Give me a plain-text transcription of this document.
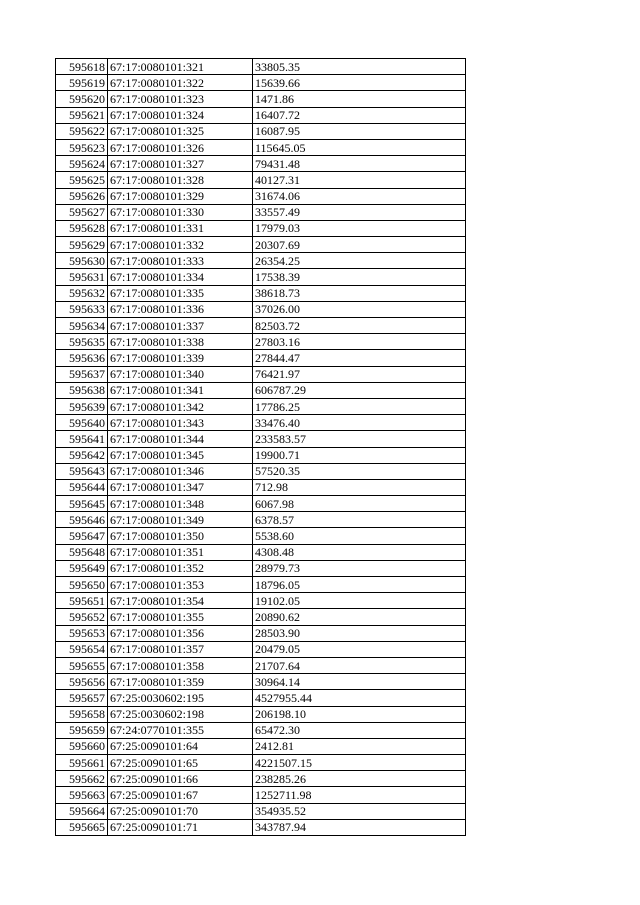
595618	67:17:0080101:321	33805.35
595619	67:17:0080101:322	15639.66
595620	67:17:0080101:323	1471.86
595621	67:17:0080101:324	16407.72
595622	67:17:0080101:325	16087.95
595623	67:17:0080101:326	115645.05
595624	67:17:0080101:327	79431.48
595625	67:17:0080101:328	40127.31
595626	67:17:0080101:329	31674.06
595627	67:17:0080101:330	33557.49
595628	67:17:0080101:331	17979.03
595629	67:17:0080101:332	20307.69
595630	67:17:0080101:333	26354.25
595631	67:17:0080101:334	17538.39
595632	67:17:0080101:335	38618.73
595633	67:17:0080101:336	37026.00
595634	67:17:0080101:337	82503.72
595635	67:17:0080101:338	27803.16
595636	67:17:0080101:339	27844.47
595637	67:17:0080101:340	76421.97
595638	67:17:0080101:341	606787.29
595639	67:17:0080101:342	17786.25
595640	67:17:0080101:343	33476.40
595641	67:17:0080101:344	233583.57
595642	67:17:0080101:345	19900.71
595643	67:17:0080101:346	57520.35
595644	67:17:0080101:347	712.98
595645	67:17:0080101:348	6067.98
595646	67:17:0080101:349	6378.57
595647	67:17:0080101:350	5538.60
595648	67:17:0080101:351	4308.48
595649	67:17:0080101:352	28979.73
595650	67:17:0080101:353	18796.05
595651	67:17:0080101:354	19102.05
595652	67:17:0080101:355	20890.62
595653	67:17:0080101:356	28503.90
595654	67:17:0080101:357	20479.05
595655	67:17:0080101:358	21707.64
595656	67:17:0080101:359	30964.14
595657	67:25:0030602:195	4527955.44
595658	67:25:0030602:198	206198.10
595659	67:24:0770101:355	65472.30
595660	67:25:0090101:64	2412.81
595661	67:25:0090101:65	4221507.15
595662	67:25:0090101:66	238285.26
595663	67:25:0090101:67	1252711.98
595664	67:25:0090101:70	354935.52
595665	67:25:0090101:71	343787.94
